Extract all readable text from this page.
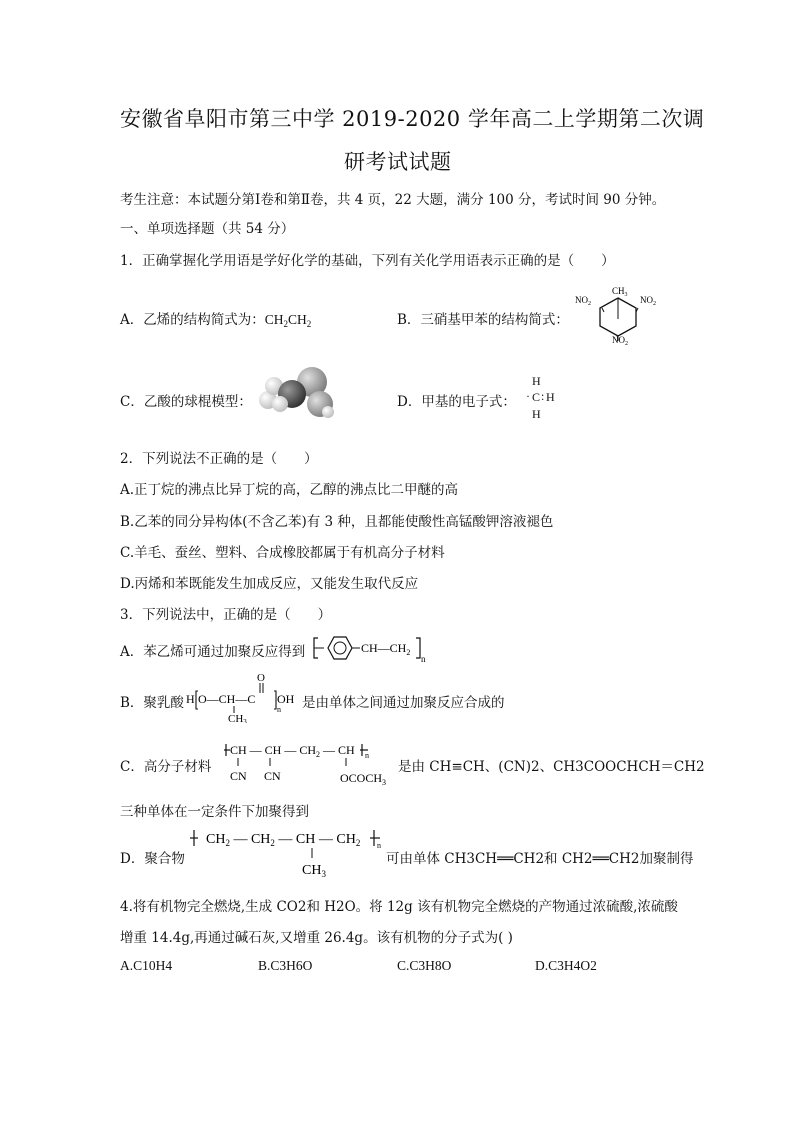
安徽省阜阳市第三中学 2019-2020 学年高二上学期第二次调
研考试试题
考生注意：本试题分第Ⅰ卷和第Ⅱ卷，共 4 页，22 大题，满分 100 分，考试时间 90 分钟。
一、单项选择题（共 54 分）
1．正确掌握化学用语是学好化学的基础，下列有关化学用语表示正确的是（　　）
A．乙烯的结构简式为：$CH_2CH_2$	B．三硝基甲苯的结构简式：
$CH_3$
$NO_2$	$NO_2$
$NO_2$
C．乙酸的球棍模型：	D．甲基的电子式：
H
· C : H
H
2．下列说法不正确的是（　　）
A.正丁烷的沸点比异丁烷的高，乙醇的沸点比二甲醚的高
B.乙苯的同分异构体(不含乙苯)有 3 种，且都能使酸性高锰酸钾溶液褪色
C.羊毛、蚕丝、塑料、合成橡胶都属于有机高分子材料
D.丙烯和苯既能发生加成反应，又能发生取代反应
3．下列说法中，正确的是（　　）
A．苯乙烯可通过加聚反应得到	$CH—CH_2$
n
B．聚乳酸 H O—CH—C
n
OH
O
CH3
是由单体之间通过加聚反应合成的
C．高分子材料
CH — CH — $CH_2$ — CH n
CN CN	$OCOCH_3$
是由 CH≡CH、(CN)2、CH3COOCHCH＝CH2
三种单体在一定条件下加聚得到
D．聚合物
$CH_2$ — $CH_2$ — CH — $CH_2$ n
$CH_3$
可由单体 CH3CH══CH2和 CH2══CH2加聚制得
4.将有机物完全燃烧,生成 CO2和 H2O。将 12g 该有机物完全燃烧的产物通过浓硫酸,浓硫酸
增重 14.4g,再通过碱石灰,又增重 26.4g。该有机物的分子式为( )
A.C10H4	B.C3H6O	C.C3H8O	D.C3H4O2
